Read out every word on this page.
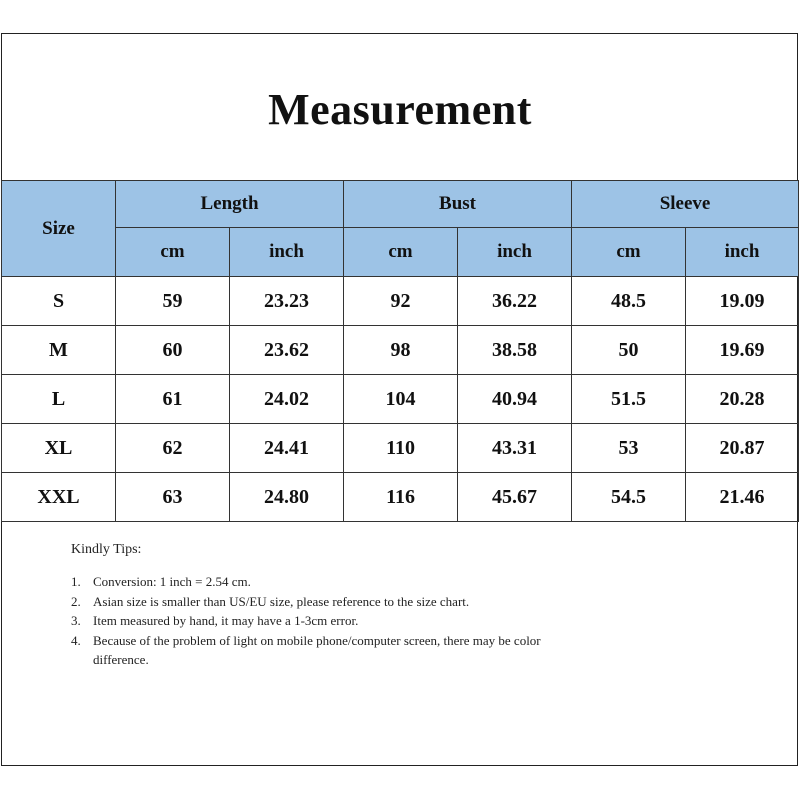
Measurement
Size	Length		Bust		Sleeve	
	cm	inch	cm	inch	cm	inch
S	59	23.23	92	36.22	48.5	19.09
M	60	23.62	98	38.58	50	19.69
L	61	24.02	104	40.94	51.5	20.28
XL	62	24.41	110	43.31	53	20.87
XXL	63	24.80	116	45.67	54.5	21.46
Kindly Tips:
1. Conversion: 1 inch = 2.54 cm.
2. Asian size is smaller than US/EU size, please reference to the size chart.
3. Item measured by hand, it may have a 1-3cm error.
4. Because of the problem of light on mobile phone/computer screen, there may be color difference.
